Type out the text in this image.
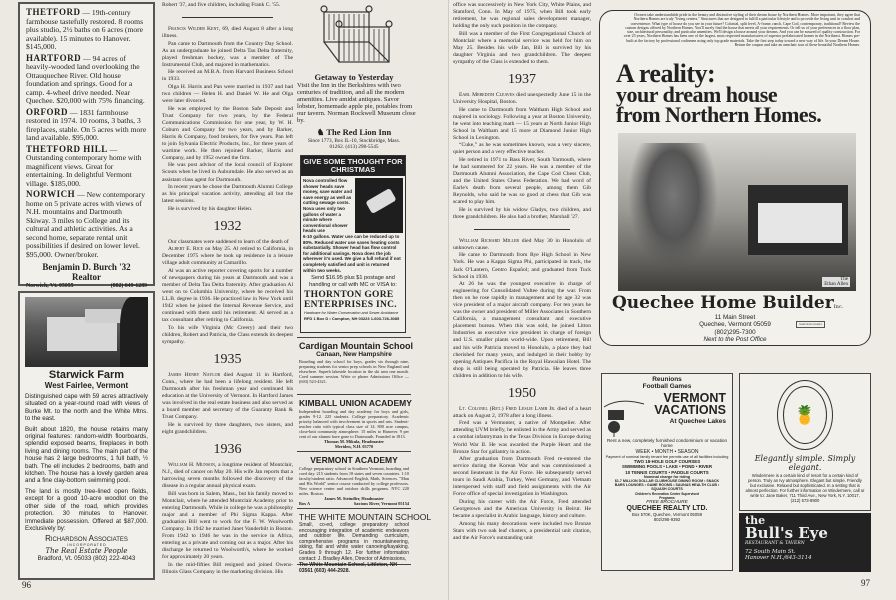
THETFORD — 19th-century farmhouse tastefully restored. 8 rooms plus studio, 2½ baths on 6 acres (more available). 15 minutes to Hanover. $145,000.

HARTFORD — 94 acres of heavily-wooded land overlooking the Ottauquechee River. Old house foundation and springs. Good for a camp. 4-wheel drive needed. Near Quechee. $20,000 with 75% financing.

ORFORD — 1831 farmhouse restored in 1974. 10 rooms, 3 baths, 3 fireplaces, stable. On 5 acres with more land available. $95,000.

THETFORD HILL — Outstanding contemporary home with magnificent views. Great for entertaining. In delightful Vermont village. $185,000.

NORWICH — New contemporary home on 5 private acres with views of N.H. mountains and Dartmouth Skiway. 3 miles to College and its cultural and athletic activities. As a second home, separate rental unit possibilities if desired on lower level. $95,000. Owner/broker.

Benjamin D. Burch '32
Realtor
Norwich, Vt. 05055	(802) 649-1289
Starwick Farm
West Fairlee, Vermont

Distinguished cape with 59 acres attractively situated on a year-round road with views of Burke Mt. to the north and the White Mtns. to the east.

Built about 1820, the house retains many original features: random-width floorboards, splendid exposed beams, fireplaces in both living and dining rooms. The main part of the house has 2 large bedrooms, 1 full bath, ½ bath. The ell includes 2 bedrooms, bath and kitchen. The house has a lovely garden area and a fine clay-bottom swimming pool.

The land is mostly tree-lined open fields, except for a good 10-acre woodlot on the other side of the road, which provides protection. 30 minutes to Hanover. Immediate possession. Offered at $87,000. Exclusively by:

Richardson Associates
I N C O R P O R A T E D
The Real Estate People
Bradford, Vt. 05033 (802) 222-4043

Robert '37, and five children, including Frank C. '55.

Francis Wilder Kent, 69, died August 8 after a long illness.

Pan came to Dartmouth from the Country Day School. As an undergraduate he joined Delta Tau Delta fraternity, played freshman hockey, was a member of The Instrumental Club, and majored in mathematics.

He received an M.B.A. from Harvard Business School in 1933.

Olga H. Harris and Pan were married in 1937 and had two children — Helen H. and Daniel W. He and Olga were later divorced.

He was employed by the Boston Safe Deposit and Trust Company for two years, by the Federal Communications Commission for one year, by W. H. Coburn and Company for two years, and by Barker, Harris & Company, food brokers, for five years. Pan left to join Sylvania Electric Products, Inc., for three years of wartime work. He then rejoined Barker, Harris and Company, and by 1952 owned the firm.

He was post advisor of the local council of Explorer Scouts when he lived in Auburndale. He also served as an assistant class agent for Dartmouth.

In recent years he chose the Dartmouth Alumni College as his principal vacation activity, attending all but the latest sessions.

He is survived by his daughter Helen.

1932

Our classmates were saddened to learn of the death of

Albert E. Rice on May 25. Al retired to California, in December 1975 where he took up residence in a leisure village adult community at Camarillo.

Al was an active reporter covering sports for a number of newspapers during his years at Dartmouth and was a member of Delta Tau Delta fraternity. After graduation Al went on to Columbia University, where he received his LL.B. degree in 1936. He practiced law in New York until 1942 when he joined the Internal Revenue Service, and continued with them until his retirement. Al served as a tax consultant after retiring to California.

To his wife Virginia (Mc Creery) and their two children, Robert and Patricia, the Class extends its deepest sympathy.

1935

James Henry Naylor died August 11 in Hartford, Conn., where he had been a lifelong resident. He left Dartmouth after his freshman year and continued his education at the University of Vermont. In Hartford James was involved in the real estate business and also served as a board member and secretary of the Guaranty Bank & Trust Company.

He is survived by three daughters, two sisters, and eight grandchildren.

1936

William H. Munson, a longtime resident of Montclair, N.J., died of cancer on May 20. His wife Jan reports that a harrowing seven months followed the discovery of the disease in a regular annual physical exam.

Bill was born in Salem, Mass., but his family moved to Montclair, where he attended Montclair Academy prior to entering Dartmouth. While in college he was a philosophy major and a member of Phi Sigma Kappa. After graduation Bill went to work for the F. W. Woolworth Company. In 1942 he married Janet Vanderbilt in Boston. From 1942 to 1946 he was in the service in Africa, entering as a private and coming out as a major. After his discharge he returned to Woolworth's, where he worked for approximately 20 years.

In the mid-fifties Bill resigned and joined Owens-Illinois Glass Company in the marketing division. His

Getaway to Yesterday
Visit the Inn in the Berkshires with two centuries of tradition, and all the modern amenities. Live amidst antiques. Savor lobster, homemade apple pie, potables from our tavern. Norman Rockwell Museum close by.
♞ The Red Lion Inn
Since 1773, Box IL-10, Stockbridge, Mass. 01262. (413) 298-5545
GIVE SOME THOUGHT FOR CHRISTMAS
Nova controlled flow shower heads save money, save water and save energy as well as cutting sewage costs. Nova uses only two gallons of water a minute where conventional shower heads use
6-10 gallons. Water use can be reduced up to 80%. Reduced water use saves heating costs substantially. Shower head has flow control for additional savings. Nova does the job wherever it's used. We give a full refund if not completely satisfied and unit is returned within two weeks.
Send $16.95 plus $1 postage and handling or call with MC or VISA to:
THORNTON GORE ENTERPRISES INC.
Hardware for Water Conservation and Sewer Avoidance
RFD 1 Box D • Compton, NH 03223 1-603-726-3085
Cardigan Mountain School
Canaan, New Hampshire
Boarding and day school for boys, grades six through nine, preparing students for senior prep schools in New England and elsewhere. Superb lakeside location in the ski area one month. Coed summer session. Write or phone Admissions Office — (603) 523-4321.
KIMBALL UNION ACADEMY
Independent boarding and day academy for boys and girls, grades 9-12. 225 students. College preparatory. Academic priority balanced with involvement in sports and arts. Student-teacher ratio with typical class size of 14. 800 acre campus, close-knit community atmosphere. 15 miles to Hanover. 9 per cent of our alumni have gone to Dartmouth. Founded in 1813.
Thomas M. Mikula, Headmaster
Meriden, N.H. 03770
VERMONT ACADEMY
College preparatory school in Southern Vermont, boarding and coed day. 215 students from 18 states and seven countries. 1:10 faculty/student ratio. Advanced English, Math, Sciences. "Man and His World" senior course conducted by college professors. New science center and outdoor skills programs. NYC 220 miles. Boston.
James M. Steindler, Headmaster
Box A	Saxtons River, Vermont 05154
THE WHITE MOUNTAIN SCHOOL
Small, co-ed, college preparatory school encouraging integration of academic endeavors and outdoor life. Demanding curriculum, comprehensive programs in mountaineering, skiing, flat and white water canoeing/kayaking. Grades 9 through 12. For further information contact: J. Bradley Allen, Director of Admissions,
The White Mountain School, Littleton, NH 03561 (603) 444-2928.
96

office was successively in New York City, White Plains, and Stamford, Conn. In May of 1975, when Bill took early retirement, he was regional sales development manager, holding the only such position in the company.

Bill was a member of the First Congregational Church of Montclair where a memorial service was held for him on May 25. Besides his wife Jan, Bill is survived by his daughter Virginia and two grandchildren. The deepest sympathy of the Class is extended to them.

1937

Earl Meredith Cleaves died unexpectedly June 15 in the University Hospital, Boston.

He came to Dartmouth from Waltham High School and majored in sociology. Following a year at Boston University, he went into teaching math — 15 years at North Junior High School in Waltham and 15 more at Diamond Junior High School in Lexington.

“Cuke,” as he was sometimes known, was a very sincere, quiet person and a very effective teacher.

He retired in 1971 to Bass River, South Yarmouth, where he had summered for 22 years. He was a member of the Dartmouth Alumni Association, the Cape Cod Chess Club, and the United States Chess Federation. We had word of Earle's death from several people, among them Gib Reynolds, who said he was so good at chess that Gib was scared to play him.

He is survived by his widow Gladys, two children, and three grandchildren. He also had a brother, Marshall '27.

William Richard Miller died May 30 in Honolulu of unknown cause.

He came to Dartmouth from Rye High School in New York. He was a Kappa Sigma Phi, participated in track, the Jack O'Lantern, Centro Español; and graduated from Tuck School in 1938.

At 26 he was the youngest executive in charge of engineering for Consolidated Vultee during the war. From then on he rose rapidly in management and by age 32 was vice president of a major aircraft company. For ten years he was the owner and president of Miller Associates in Southern California, a management consultant and executive placement bureau. When this was sold, he joined Litton Industries as executive vice president in charge of foreign and U.S. smaller plants world-wide. Upon retirement, Bill and his wife Patricia moved to Honolulu, a place they had cherished for many years, and indulged in their hobby by opening Antiques Pacifica in the Royal Hawaiian Hotel. The shop is still being operated by Patricia. He leaves three children in addition to his wife.

1950

Lt. Colonel (Ret.) Fred Leslie Lamb Jr. died of a heart attack on August 2, 1978 after a long illness.

Fred was a Vermonter, a native of Montpelier. After attending UVM briefly, he enlisted in the Army and served as a combat infantryman in the Texas Division in Europe during World War II. He was awarded the Purple Heart and the Bronze Star for gallantry in action.

After graduation from Dartmouth Fred re-entered the service during the Korean War and was commissioned a second lieutenant in the Air Force. He subsequently served tours in Saudi Arabia, Turkey, West Germany, and Vietnam interspersed with staff and field assignments with the Air Force office of special investigation in Washington.

During his career with the Air Force, Fred attended Georgetown and the American University in Beirut. He became a specialist in Arabic language, history and culture.

Among his many decorations were included two Bronze Stars with two oak leaf clusters, a presidential unit citation, and the Air Force's outstanding unit

Owners take understandable pride in the beauty and distinctive styling of their dream house by Northern Homes. More important, they agree that Northern Homes are truly "living centers." Structures that are designed to fulfill a particular lifestyle and to provide the living unit in comfort and convenience. What type of house do you see in your future? Colonial, split level, A-frame, ranch, Cape Cod, contemporary, traditional? Review the custom designs offered by Northern Homes. You'll surely find the house that meets all your requirements. Or tell us of your preferences in a floor plan, size, architectural personality, and particular amenities. We'll design a house around your dreams. And you can be assured of quality construction. For over 25 years, Northern Homes has been one of the largest, most respected manufacturers of superior prefabricated homes in the Northeast. Homes pre-built at the factory by professional craftsmen using only top grade materials. Take the first step today toward a new way of life. In your Dream House. Return the coupon and take an armchair tour of these beautiful Northern Homes.
A reality:
your dream house
from Northern Homes.
The
Ethan Allen
Quechee Home BuilderInc.
11 Main Street
Quechee, Vermont 05059
(802)295-7300
Next to the Post Office
NORTHERN HOMES
Reunions
Football Games
VERMONT
VACATIONS
At Quechee Lakes
Rent a new, completely furnished condominium or vacation home
WEEK • MONTH • SEASON
Payment of nominal family tenant fee permits use of all facilities including
TWO 18-HOLE GOLF COURSES
SWIMMING POOLS • LAKE • POND • RIVER
10 TENNIS COURTS • PADDLE COURTS
Nominal charge for riding
$1.7 MILLION DOLLAR CLUBHOUSE DINING ROOM • SNACK BARS LOUNGES • GAME ROOMS • SAUNAS HEALTH CLUB • SQUASH COURTS
Children's Recreation Center Supervised Programs
FREE BROCHURE
QUECHEE REALTY LTD.
Box 570K, Quechee, Vermont 05059
802/295-9392
🍍
Elegantly simple. Simply elegant.
Windermere is a certain kind of resort for a certain kind of person. Truly an Ivy atmosphere. Elegant but simple. Friendly but exclusive. Relaxed but sophisticated. In a setting that is almost perfection. For further information on Windermere, call or write to: Jane Baker, 711 Third Ave., New York, N.Y. 10017, (212) 573-8900
the
Bull's Eye
RESTAURANT & TAVERN
72 South Main St.
Hanover N.H./643-3114
97
